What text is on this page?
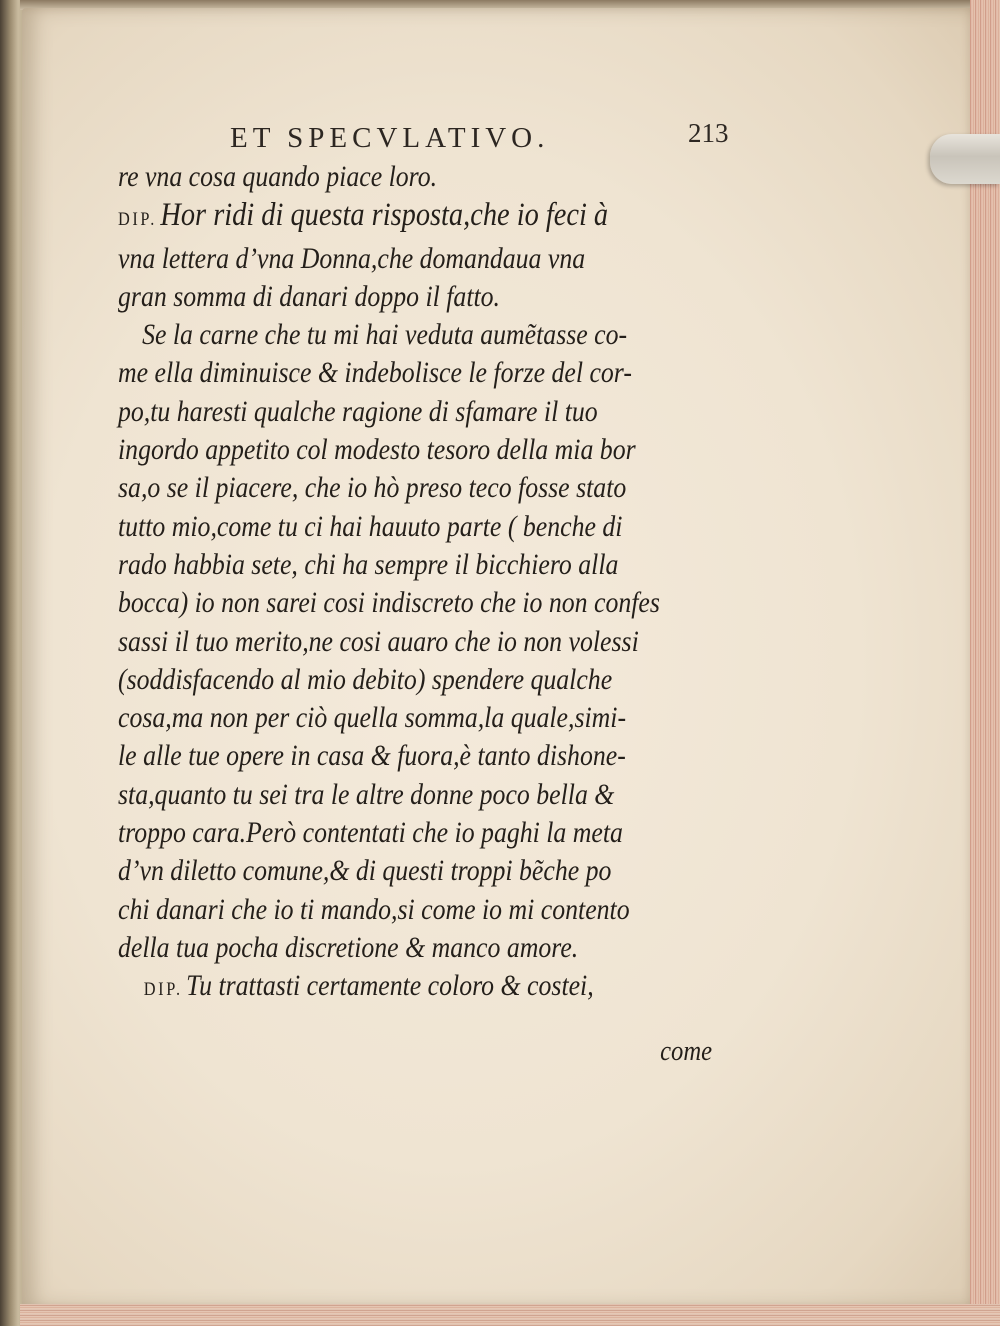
ET SPECVLATIVO.	213
re vna cosa quando piace loro.
DIP. Hor ridi di questa risposta,che io feci à
vna lettera d’vna Donna,che domandaua vna
gran somma di danari doppo il fatto.
Se la carne che tu mi hai veduta aumẽtasse co-
me ella diminuisce & indebolisce le forze del cor-
po,tu haresti qualche ragione di sfamare il tuo
ingordo appetito col modesto tesoro della mia bor
sa,o se il piacere, che io hò preso teco fosse stato
tutto mio,come tu ci hai hauuto parte ( benche di
rado habbia sete, chi ha sempre il bicchiero alla
bocca) io non sarei cosi indiscreto che io non confes
sassi il tuo merito,ne cosi auaro che io non volessi
(soddisfacendo al mio debito) spendere qualche
cosa,ma non per ciò quella somma,la quale,simi-
le alle tue opere in casa & fuora,è tanto dishone-
sta,quanto tu sei tra le altre donne poco bella &
troppo cara.Però contentati che io paghi la meta
d’vn diletto comune,& di questi troppi bẽche po
chi danari che io ti mando,si come io mi contento
della tua pocha discretione & manco amore.
DIP. Tu trattasti certamente coloro & costei,
come
